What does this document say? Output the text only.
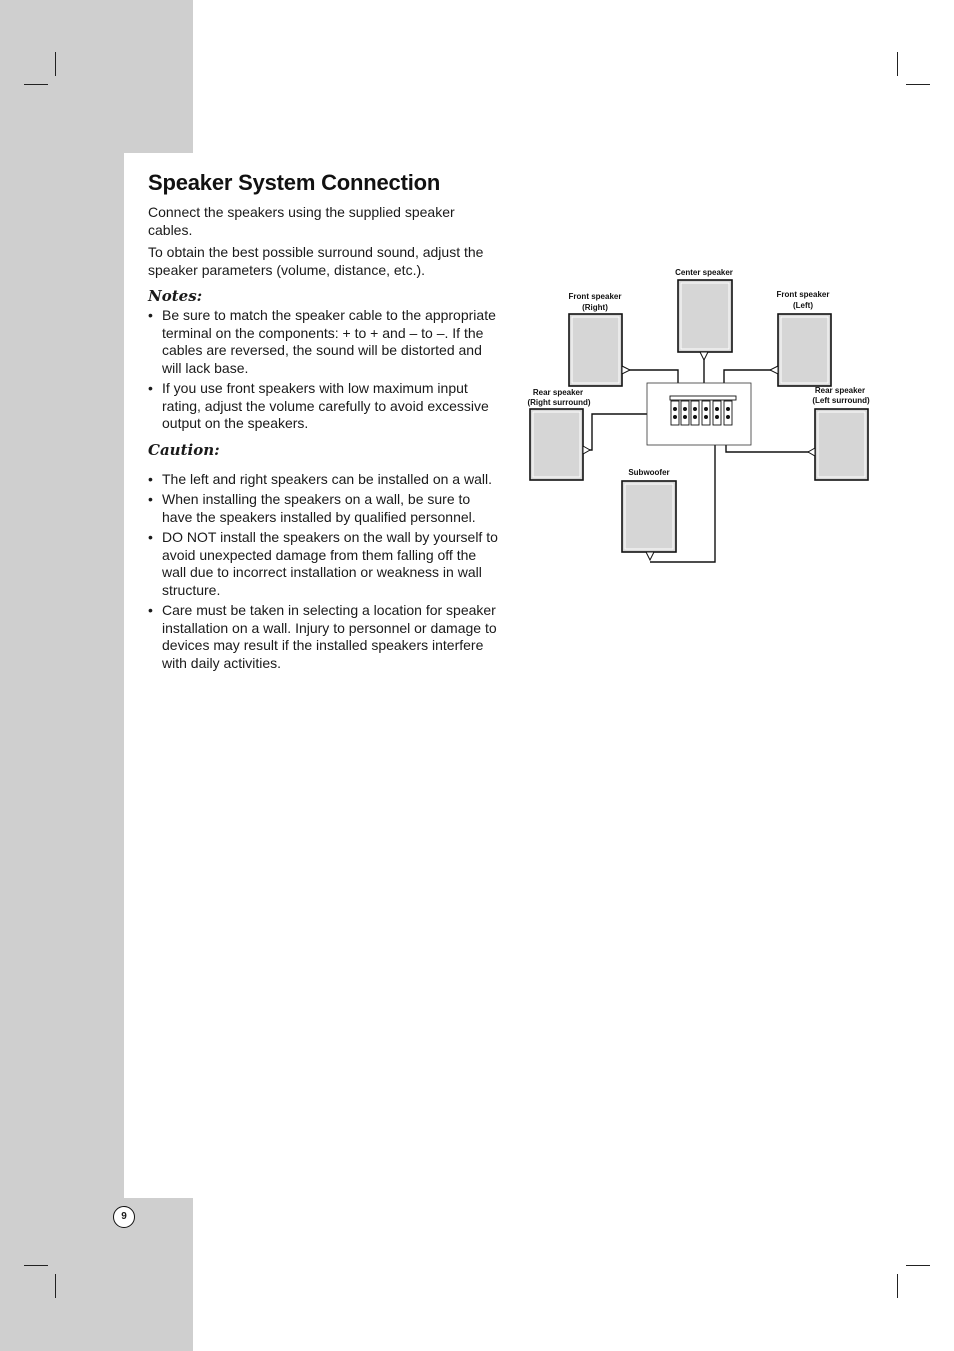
Speaker System Connection

Connect the speakers using the supplied speaker cables.

To obtain the best possible surround sound, adjust the speaker parameters (volume, distance, etc.).

Notes:
• Be sure to match the speaker cable to the appropriate terminal on the components: + to + and – to –. If the cables are reversed, the sound will be distorted and will lack base.
• If you use front speakers with low maximum input rating, adjust the volume carefully to avoid excessive output on the speakers.
Caution:
• The left and right speakers can be installed on a wall.
• When installing the speakers on a wall, be sure to have the speakers installed by qualified personnel.
• DO NOT install the speakers on the wall by yourself to avoid unexpected damage from them falling off the wall due to incorrect installation or weakness in wall structure.
• Care must be taken in selecting a location for speaker installation on a wall. Injury to personnel or damage to devices may result if the installed speakers interfere with daily activities.
Center speaker
Front speaker
(Right)
Front speaker
(Left)
Rear speaker
(Right surround)
Rear speaker
(Left surround)
Subwoofer
9
